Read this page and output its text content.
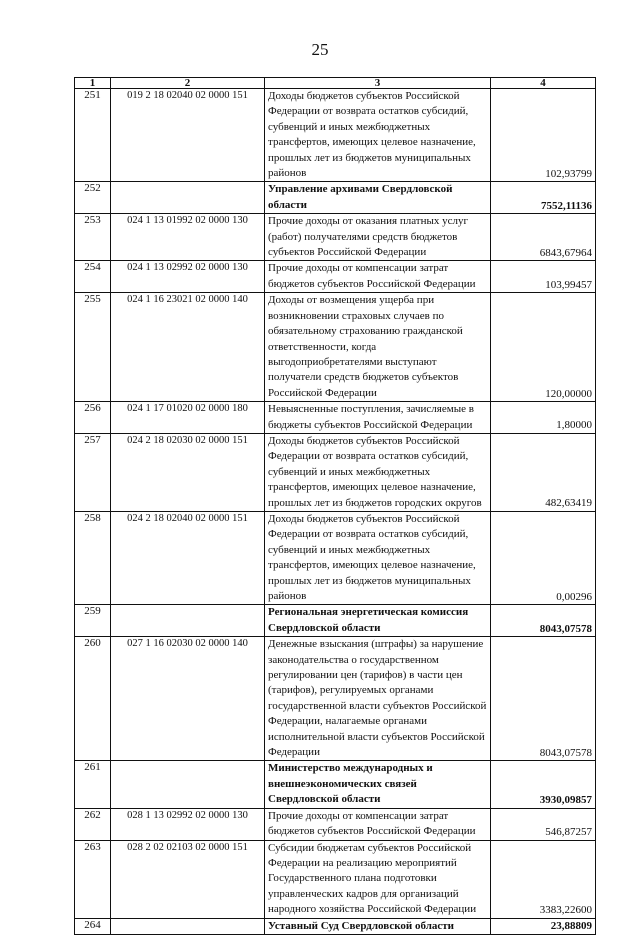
25
1	2	3	4
251	019 2 18 02040 02 0000 151	Доходы бюджетов субъектов Российской Федерации от возврата остатков субсидий, субвенций и иных межбюджетных трансфертов, имеющих целевое назначение, прошлых лет из бюджетов муниципальных районов	102,93799
252		Управление архивами Свердловской области	7552,11136
253	024 1 13 01992 02 0000 130	Прочие доходы от оказания платных услуг (работ) получателями средств бюджетов субъектов Российской Федерации	6843,67964
254	024 1 13 02992 02 0000 130	Прочие доходы от компенсации затрат бюджетов субъектов Российской Федерации	103,99457
255	024 1 16 23021 02 0000 140	Доходы от возмещения ущерба при возникновении страховых случаев по обязательному страхованию гражданской ответственности, когда выгодоприобретателями выступают получатели средств бюджетов субъектов Российской Федерации	120,00000
256	024 1 17 01020 02 0000 180	Невыясненные поступления, зачисляемые в бюджеты субъектов Российской Федерации	1,80000
257	024 2 18 02030 02 0000 151	Доходы бюджетов субъектов Российской Федерации от возврата остатков субсидий, субвенций и иных межбюджетных трансфертов, имеющих целевое назначение, прошлых лет из бюджетов городских округов	482,63419
258	024 2 18 02040 02 0000 151	Доходы бюджетов субъектов Российской Федерации от возврата остатков субсидий, субвенций и иных межбюджетных трансфертов, имеющих целевое назначение, прошлых лет из бюджетов муниципальных районов	0,00296
259		Региональная энергетическая комиссия Свердловской области	8043,07578
260	027 1 16 02030 02 0000 140	Денежные взыскания (штрафы) за нарушение законодательства о государственном регулировании цен (тарифов) в части цен (тарифов), регулируемых органами государственной власти субъектов Российской Федерации, налагаемые органами исполнительной власти субъектов Российской Федерации	8043,07578
261		Министерство международных и внешнеэкономических связей Свердловской области	3930,09857
262	028 1 13 02992 02 0000 130	Прочие доходы от компенсации затрат бюджетов субъектов Российской Федерации	546,87257
263	028 2 02 02103 02 0000 151	Субсидии бюджетам субъектов Российской Федерации на реализацию мероприятий Государственного плана подготовки управленческих кадров для организаций народного хозяйства Российской Федерации	3383,22600
264		Уставный Суд Свердловской области	23,88809
